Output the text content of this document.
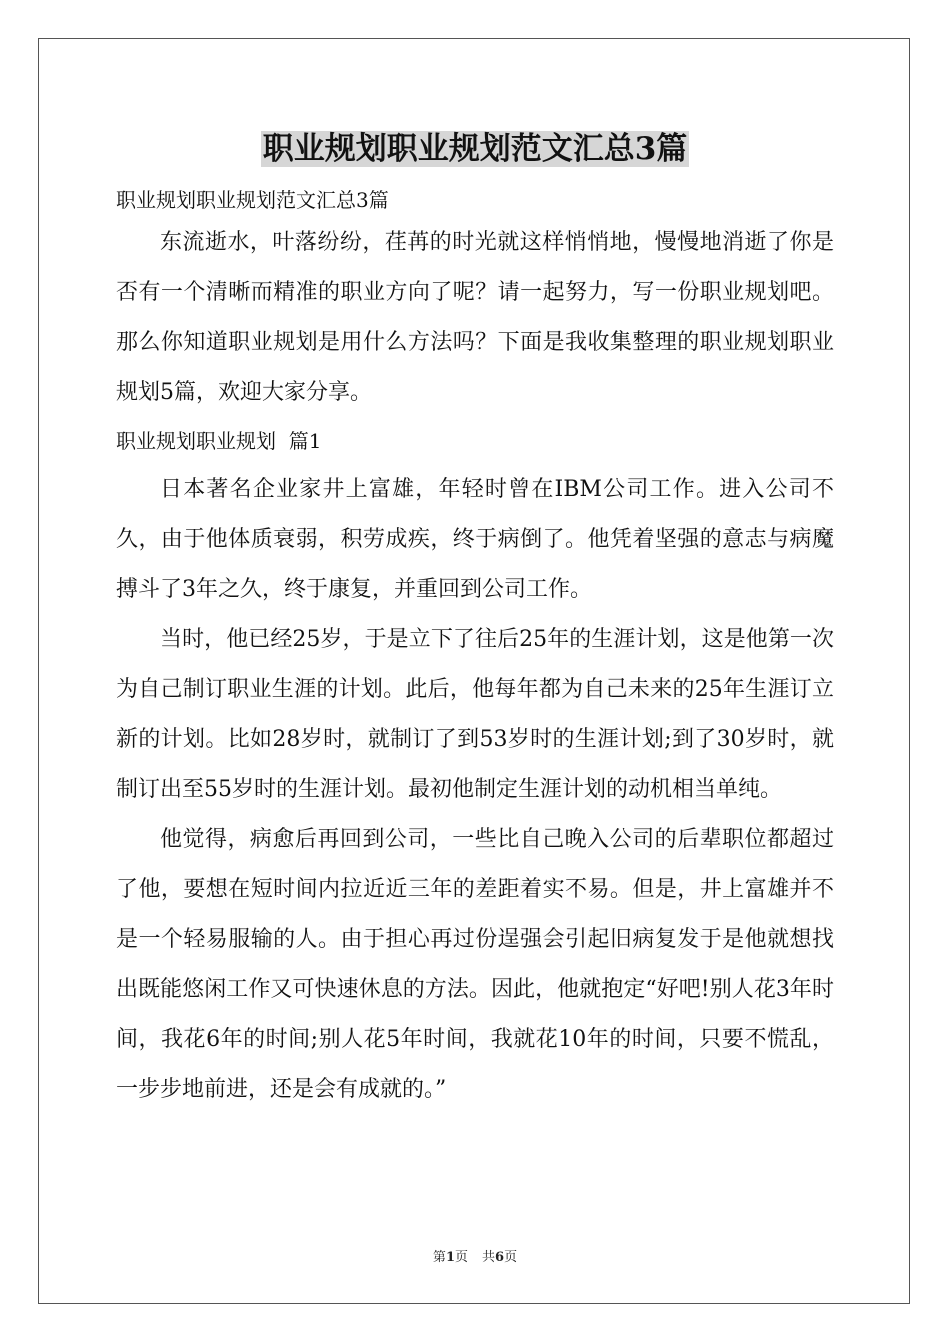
职业规划职业规划范文汇总3篇

职业规划职业规划范文汇总3篇

东流逝水，叶落纷纷，荏苒的时光就这样悄悄地，慢慢地消逝了你是否有一个清晰而精准的职业方向了呢？请一起努力，写一份职业规划吧。那么你知道职业规划是用什么方法吗？下面是我收集整理的职业规划职业规划5篇，欢迎大家分享。

职业规划职业规划  篇1

日本著名企业家井上富雄，年轻时曾在IBM公司工作。进入公司不久，由于他体质衰弱，积劳成疾，终于病倒了。他凭着坚强的意志与病魔搏斗了3年之久，终于康复，并重回到公司工作。

当时，他已经25岁，于是立下了往后25年的生涯计划，这是他第一次为自己制订职业生涯的计划。此后，他每年都为自己未来的25年生涯订立新的计划。比如28岁时，就制订了到53岁时的生涯计划;到了30岁时，就制订出至55岁时的生涯计划。最初他制定生涯计划的动机相当单纯。

他觉得，病愈后再回到公司，一些比自己晚入公司的后辈职位都超过了他，要想在短时间内拉近近三年的差距着实不易。但是，井上富雄并不是一个轻易服输的人。由于担心再过份逞强会引起旧病复发于是他就想找出既能悠闲工作又可快速休息的方法。因此，他就抱定“好吧!别人花3年时间，我花6年的时间;别人花5年时间，我就花10年的时间，只要不慌乱，一步步地前进，还是会有成就的。”

第1页 共6页
